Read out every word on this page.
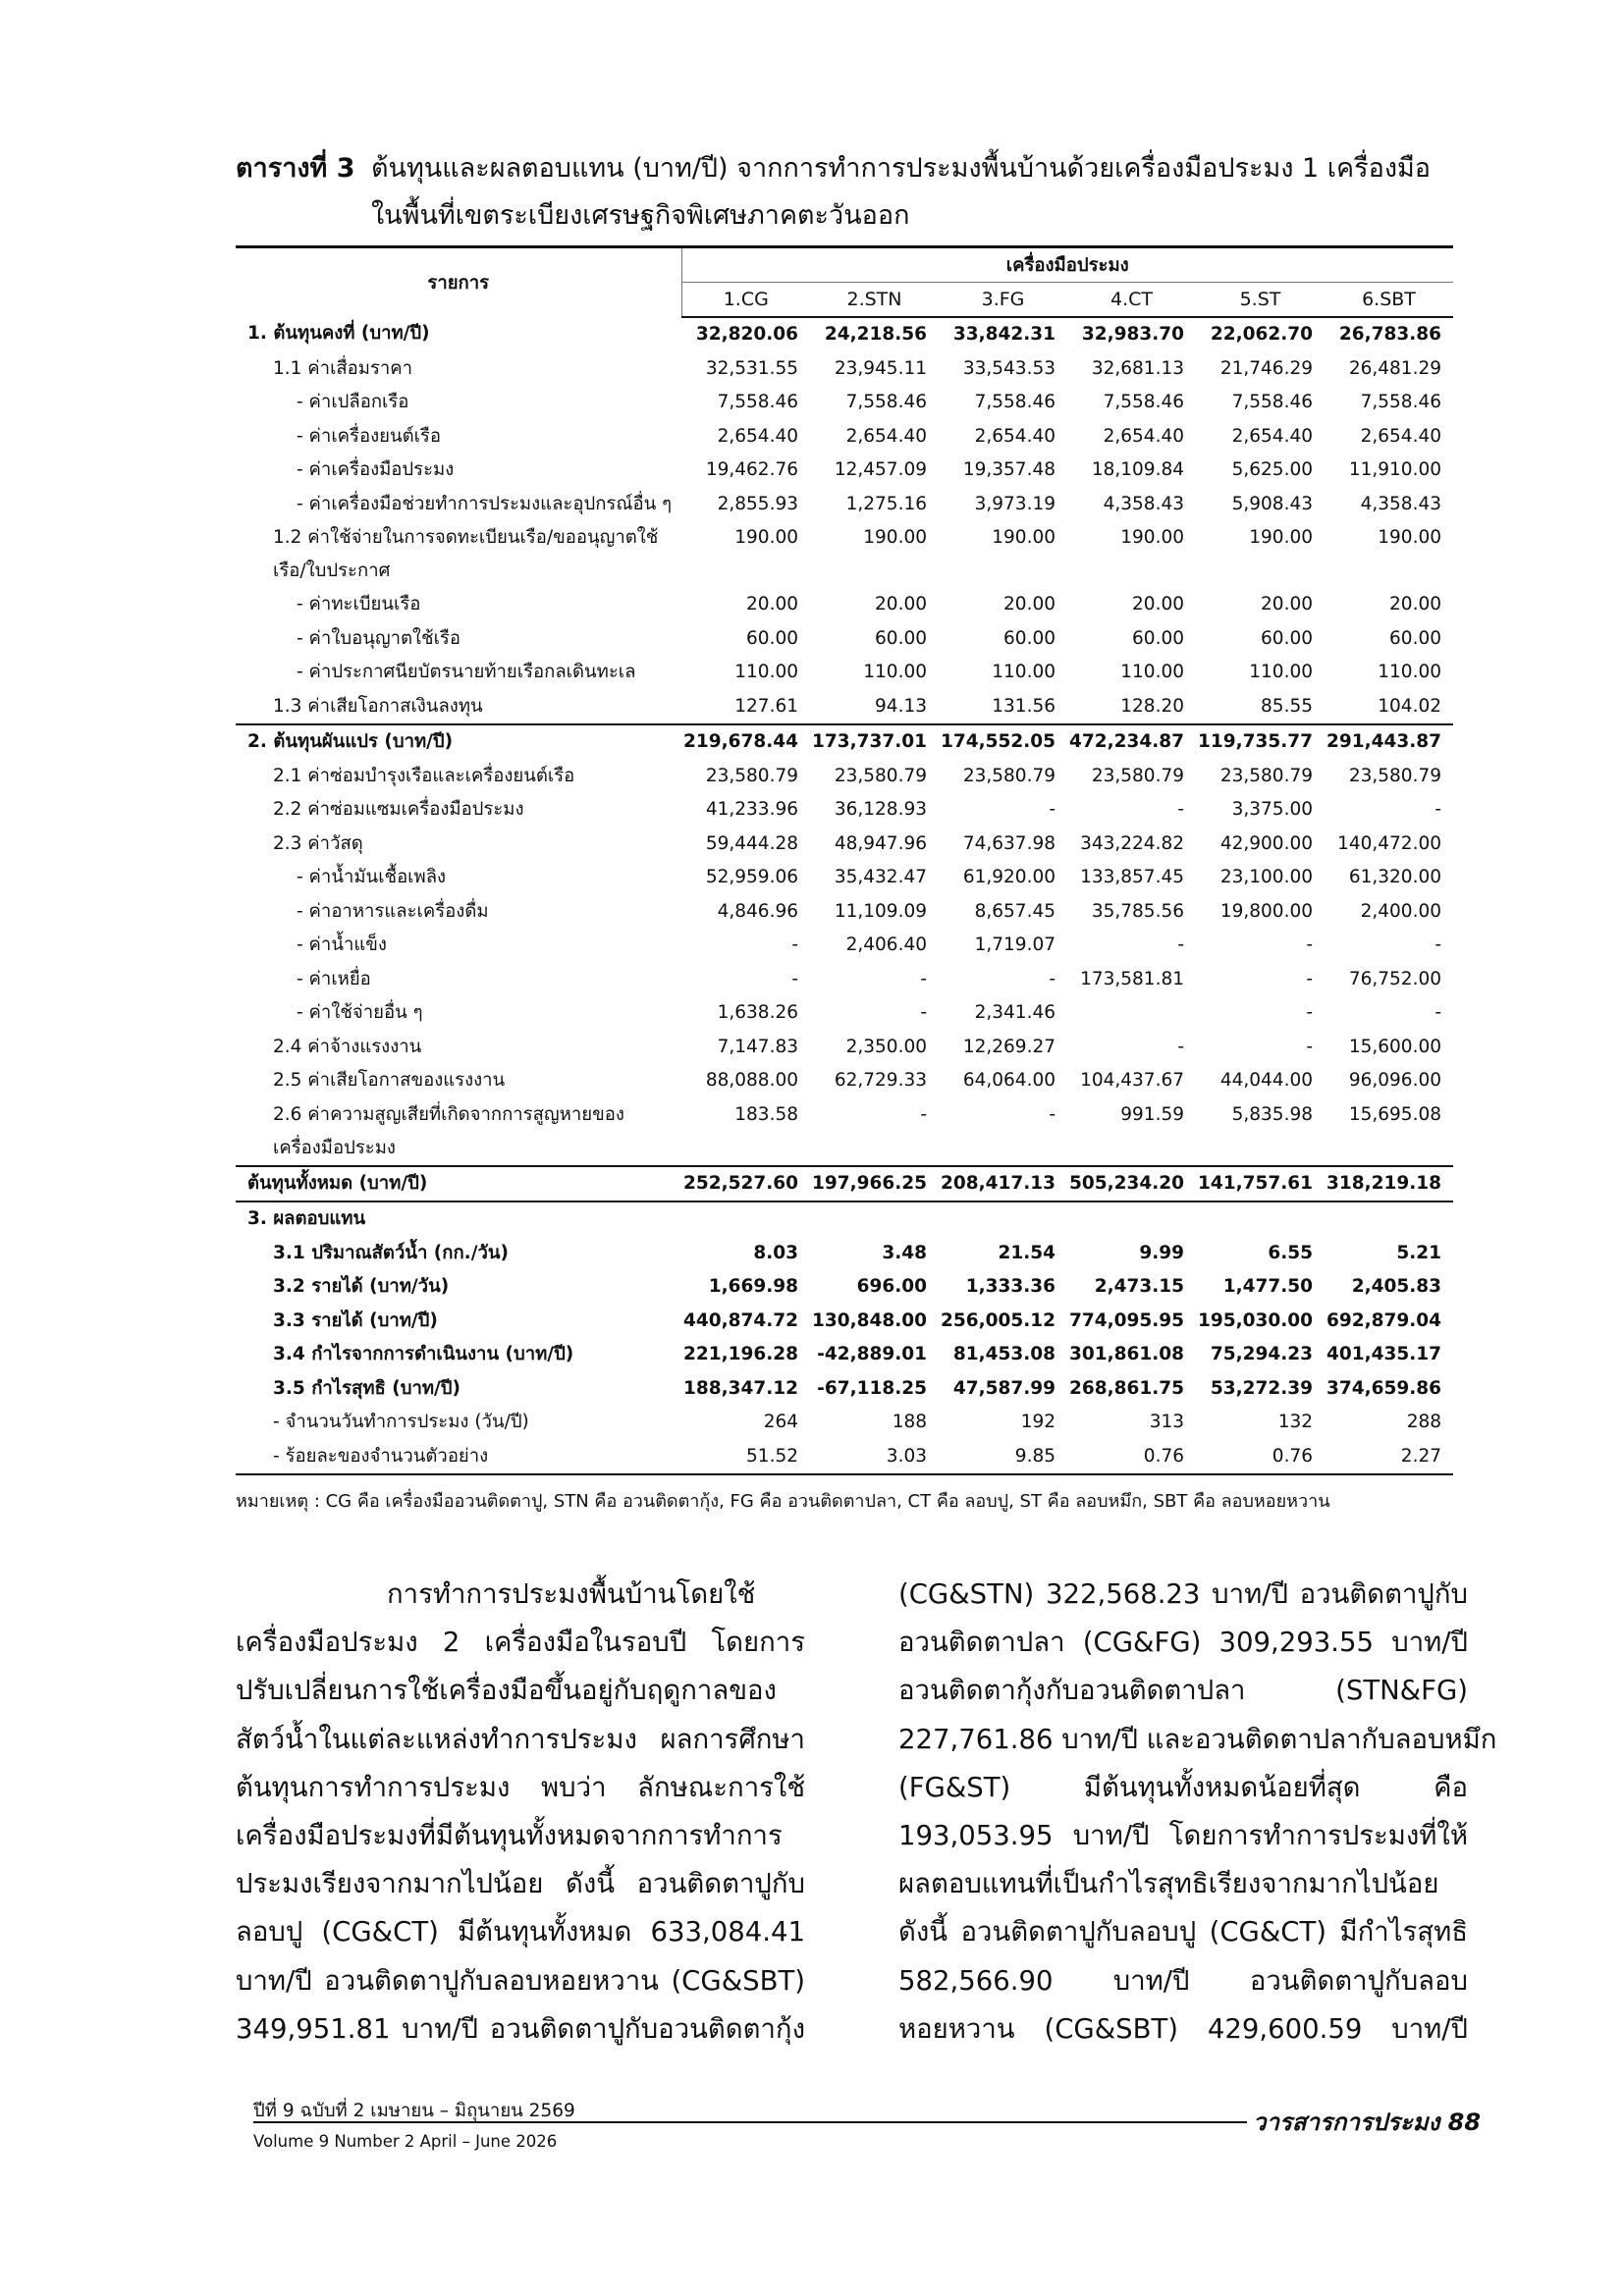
ตารางที่ 3 ต้นทุนและผลตอบแทน (บาท/ปี) จากการทำการประมงพื้นบ้านด้วยเครื่องมือประมง 1 เครื่องมือ
ในพื้นที่เขตระเบียงเศรษฐกิจพิเศษภาคตะวันออก
รายการ	เครื่องมือประมง					
	1.CG	2.STN	3.FG	4.CT	5.ST	6.SBT
1. ต้นทุนคงที่ (บาท/ปี)	32,820.06	24,218.56	33,842.31	32,983.70	22,062.70	26,783.86
1.1 ค่าเสื่อมราคา	32,531.55	23,945.11	33,543.53	32,681.13	21,746.29	26,481.29
- ค่าเปลือกเรือ	7,558.46	7,558.46	7,558.46	7,558.46	7,558.46	7,558.46
- ค่าเครื่องยนต์เรือ	2,654.40	2,654.40	2,654.40	2,654.40	2,654.40	2,654.40
- ค่าเครื่องมือประมง	19,462.76	12,457.09	19,357.48	18,109.84	5,625.00	11,910.00
- ค่าเครื่องมือช่วยทำการประมงและอุปกรณ์อื่น ๆ	2,855.93	1,275.16	3,973.19	4,358.43	5,908.43	4,358.43
1.2 ค่าใช้จ่ายในการจดทะเบียนเรือ/ขออนุญาตใช้เรือ/ใบประกาศ	190.00	190.00	190.00	190.00	190.00	190.00
- ค่าทะเบียนเรือ	20.00	20.00	20.00	20.00	20.00	20.00
- ค่าใบอนุญาตใช้เรือ	60.00	60.00	60.00	60.00	60.00	60.00
- ค่าประกาศนียบัตรนายท้ายเรือกลเดินทะเล	110.00	110.00	110.00	110.00	110.00	110.00
1.3 ค่าเสียโอกาสเงินลงทุน	127.61	94.13	131.56	128.20	85.55	104.02
2. ต้นทุนผันแปร (บาท/ปี)	219,678.44	173,737.01	174,552.05	472,234.87	119,735.77	291,443.87
2.1 ค่าซ่อมบำรุงเรือและเครื่องยนต์เรือ	23,580.79	23,580.79	23,580.79	23,580.79	23,580.79	23,580.79
2.2 ค่าซ่อมแซมเครื่องมือประมง	41,233.96	36,128.93	-	-	3,375.00	-
2.3 ค่าวัสดุ	59,444.28	48,947.96	74,637.98	343,224.82	42,900.00	140,472.00
- ค่าน้ำมันเชื้อเพลิง	52,959.06	35,432.47	61,920.00	133,857.45	23,100.00	61,320.00
- ค่าอาหารและเครื่องดื่ม	4,846.96	11,109.09	8,657.45	35,785.56	19,800.00	2,400.00
- ค่าน้ำแข็ง	-	2,406.40	1,719.07	-	-	-
- ค่าเหยื่อ	-	-	-	173,581.81	-	76,752.00
- ค่าใช้จ่ายอื่น ๆ	1,638.26	-	2,341.46		-	-
2.4 ค่าจ้างแรงงาน	7,147.83	2,350.00	12,269.27	-	-	15,600.00
2.5 ค่าเสียโอกาสของแรงงาน	88,088.00	62,729.33	64,064.00	104,437.67	44,044.00	96,096.00
2.6 ค่าความสูญเสียที่เกิดจากการสูญหายของเครื่องมือประมง	183.58	-	-	991.59	5,835.98	15,695.08
ต้นทุนทั้งหมด (บาท/ปี)	252,527.60	197,966.25	208,417.13	505,234.20	141,757.61	318,219.18
3. ผลตอบแทน						
3.1 ปริมาณสัตว์น้ำ (กก./วัน)	8.03	3.48	21.54	9.99	6.55	5.21
3.2 รายได้ (บาท/วัน)	1,669.98	696.00	1,333.36	2,473.15	1,477.50	2,405.83
3.3 รายได้ (บาท/ปี)	440,874.72	130,848.00	256,005.12	774,095.95	195,030.00	692,879.04
3.4 กำไรจากการดำเนินงาน (บาท/ปี)	221,196.28	-42,889.01	81,453.08	301,861.08	75,294.23	401,435.17
3.5 กำไรสุทธิ (บาท/ปี)	188,347.12	-67,118.25	47,587.99	268,861.75	53,272.39	374,659.86
- จำนวนวันทำการประมง (วัน/ปี)	264	188	192	313	132	288
- ร้อยละของจำนวนตัวอย่าง	51.52	3.03	9.85	0.76	0.76	2.27
หมายเหตุ : CG คือ เครื่องมืออวนติดตาปู, STN คือ อวนติดตากุ้ง, FG คือ อวนติดตาปลา, CT คือ ลอบปู, ST คือ ลอบหมึก, SBT คือ ลอบหอยหวาน
การทำการประมงพื้นบ้านโดยใช้
เครื่องมือประมง 2 เครื่องมือในรอบปี โดยการ
ปรับเปลี่ยนการใช้เครื่องมือขึ้นอยู่กับฤดูกาลของ
สัตว์น้ำในแต่ละแหล่งทำการประมง ผลการศึกษา
ต้นทุนการทำการประมง พบว่า ลักษณะการใช้
เครื่องมือประมงที่มีต้นทุนทั้งหมดจากการทำการ
ประมงเรียงจากมากไปน้อย ดังนี้ อวนติดตาปูกับ
ลอบปู (CG&CT) มีต้นทุนทั้งหมด 633,084.41
บาท/ปี อวนติดตาปูกับลอบหอยหวาน (CG&SBT)
349,951.81 บาท/ปี อวนติดตาปูกับอวนติดตากุ้ง
(CG&STN) 322,568.23 บาท/ปี อวนติดตาปูกับ
อวนติดตาปลา (CG&FG) 309,293.55 บาท/ปี
อวนติดตากุ้งกับอวนติดตาปลา (STN&FG)
227,761.86 บาท/ปี และอวนติดตาปลากับลอบหมึก
(FG&ST) มีต้นทุนทั้งหมดน้อยที่สุด คือ
193,053.95 บาท/ปี โดยการทำการประมงที่ให้
ผลตอบแทนที่เป็นกำไรสุทธิเรียงจากมากไปน้อย
ดังนี้ อวนติดตาปูกับลอบปู (CG&CT) มีกำไรสุทธิ
582,566.90 บาท/ปี อวนติดตาปูกับลอบ
หอยหวาน (CG&SBT) 429,600.59 บาท/ปี
ปีที่ 9 ฉบับที่ 2 เมษายน – มิถุนายน 2569
Volume 9 Number 2 April – June 2026
วารสารการประมง 88
